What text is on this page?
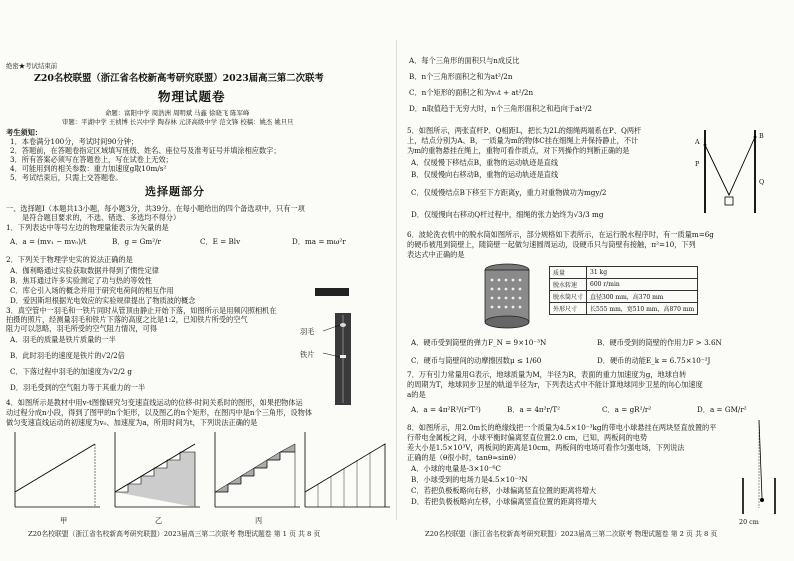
绝密★考试结束前
Z20名校联盟（浙江省名校新高考研究联盟）2023届高三第二次联考
物理试题卷
命题：富阳中学 周浩洲 周明斌 马鑫 徐晓飞 陈军峰
审题：平湖中学 王祯博 长兴中学 陶春林 元济高级中学 范文锋 校稿：姚杰 姚旦旦
考生须知：
1．本卷满分100分，考试时间90分钟；
2．答题前，在答题卷指定区域填写班级、姓名、座位号及准考证号并填涂相应数字；
3．所有答案必须写在答题卷上，写在试卷上无效；
4．可能用到的相关参数：重力加速度g取10m/s²
5．考试结束后，只需上交答题卷。
选择题部分
一、选择题Ⅰ（本题共13小题，每小题3分，共39分。在每小题给出的四个备选项中，只有一项
是符合题目要求的，不选、错选、多选均不得分）
1．下列表达中等号左边的物理量能表示为矢量的是
A．a = (mv₁ − mv₀)/t	B．g = Gm²/r	C．E = Blv	D．ma = mω²r
2．下列关于物理学史实的说法正确的是
A．伽利略通过实验获取数据并得到了惯性定律
B．焦耳通过许多实验测定了功与热的等效性
C．库仑引入场的概念并用于研究电荷间的相互作用
D．爱因斯坦根据光电效应的实验规律提出了物质波的概念
3．真空管中一羽毛和一铁片同时从管顶由静止开始下落，如图所示是用频闪照相机在
拍摄的照片，经测量羽毛和铁片下落的高度之比是1:2，已知铁片所受的空气
阻力可以忽略，羽毛所受的空气阻力情况，可得
A．羽毛的质量是铁片质量的一半
B．此时羽毛的速度是铁片的√2/2倍
C．下落过程中羽毛的加速度为√2/2 g
D．羽毛受到的空气阻力等于其重力的一半
羽毛
铁片
4．如图所示是教材中用v-t图像研究匀变速直线运动的位移-时间关系时的图形，如果把物体运
动过程分成n小段，得到了图甲的n个矩形，以及图乙的n个矩形，在图丙中是n个三角形，设物体
做匀变速直线运动的初速度为v₀、加速度为a，所用时间为t，下列说法正确的是
甲	乙	丙
Z20名校联盟（浙江省名校新高考研究联盟）2023届高三第二次联考 物理试题卷 第 1 页 共 8 页
A．每个三角形的面积只与n成反比
B．n个三角形面积之和为at²/2n
C．n个矩形的面积之和为v₀t + at²/2n
D．n取值趋于无穷大时，n个三角形面积之和趋向于at²/2
5．如图所示，两张直杆P、Q相距L，把长为2L的细绳两端系在P、Q两杆
上，结点分别为A、B，一质量为m的物体C挂在细绳上并保持静止，不计
为m的重物悬挂在绳上，重物可看作质点，对下列操作的判断正确的是
A．仅缓慢下移结点B，重物的运动轨迹是直线
B．仅缓慢向右移动B，重物的运动轨迹是直线
C．仅缓慢结点B下移至下方距离y，重力对重物做功为mgy/2
D．仅缓慢向右移动Q杆过程中，细绳的张力始终为√3/3 mg
A
P
B
Q
6．波轮洗衣机中的脱水筒如图所示，部分规格如下表所示，在运行脱水程序时，有一质量m=6g
的硬币被甩到筒壁上，随筒壁一起做匀速圆周运动，设硬币只与筒壁有接触，π²=10，下列
表达式中正确的是
质量	31 kg
脱水转速	600 r/min
脱水筒尺寸	直径300 mm，高370 mm
外形尺寸	长555 mm，宽510 mm，高870 mm
A．硬币受到筒壁的弹力F_N = 9×10⁻³N	B．硬币受到的筒壁的作用力F > 3.6N
C．硬币与筒壁间的动摩擦因数μ ≤ 1/60	D．硬币的动能E_k = 6.75×10⁻²J
7．万有引力常量用G表示，地球质量为M，半径为R，表面的重力加速度为g，地球自转
的周期为T，地球同步卫星的轨道半径为r，下列表达式中不能计算地球同步卫星的向心加速度
a的是
A．a = 4π²R³/(r²T²)	B．a = 4π²r/T²	C．a = gR²/r²	D．a = GM/r²
8．如图所示，用2.0m长的绝缘线把一个质量为4.5×10⁻³kg的带电小球悬挂在两块竖直放置的平
行带电金属板之间，小球平衡时偏离竖直位置2.0 cm，已知，两板间的电势
差大小是1.5×10³V，两板间的距离是10cm，两板间的电场可看作匀强电场，下列说法
正确的是（θ很小时，tanθ≈sinθ）
A．小球的电量是-3×10⁻⁶C
B．小球受到的电场力是4.5×10⁻³N
C．若把负极板略向右移，小球偏离竖直位置的距离将增大
D．若把负极板略向左移，小球偏离竖直位置的距离将增大
20 cm
Z20名校联盟（浙江省名校新高考研究联盟）2023届高三第二次联考 物理试题卷 第 2 页 共 8 页
